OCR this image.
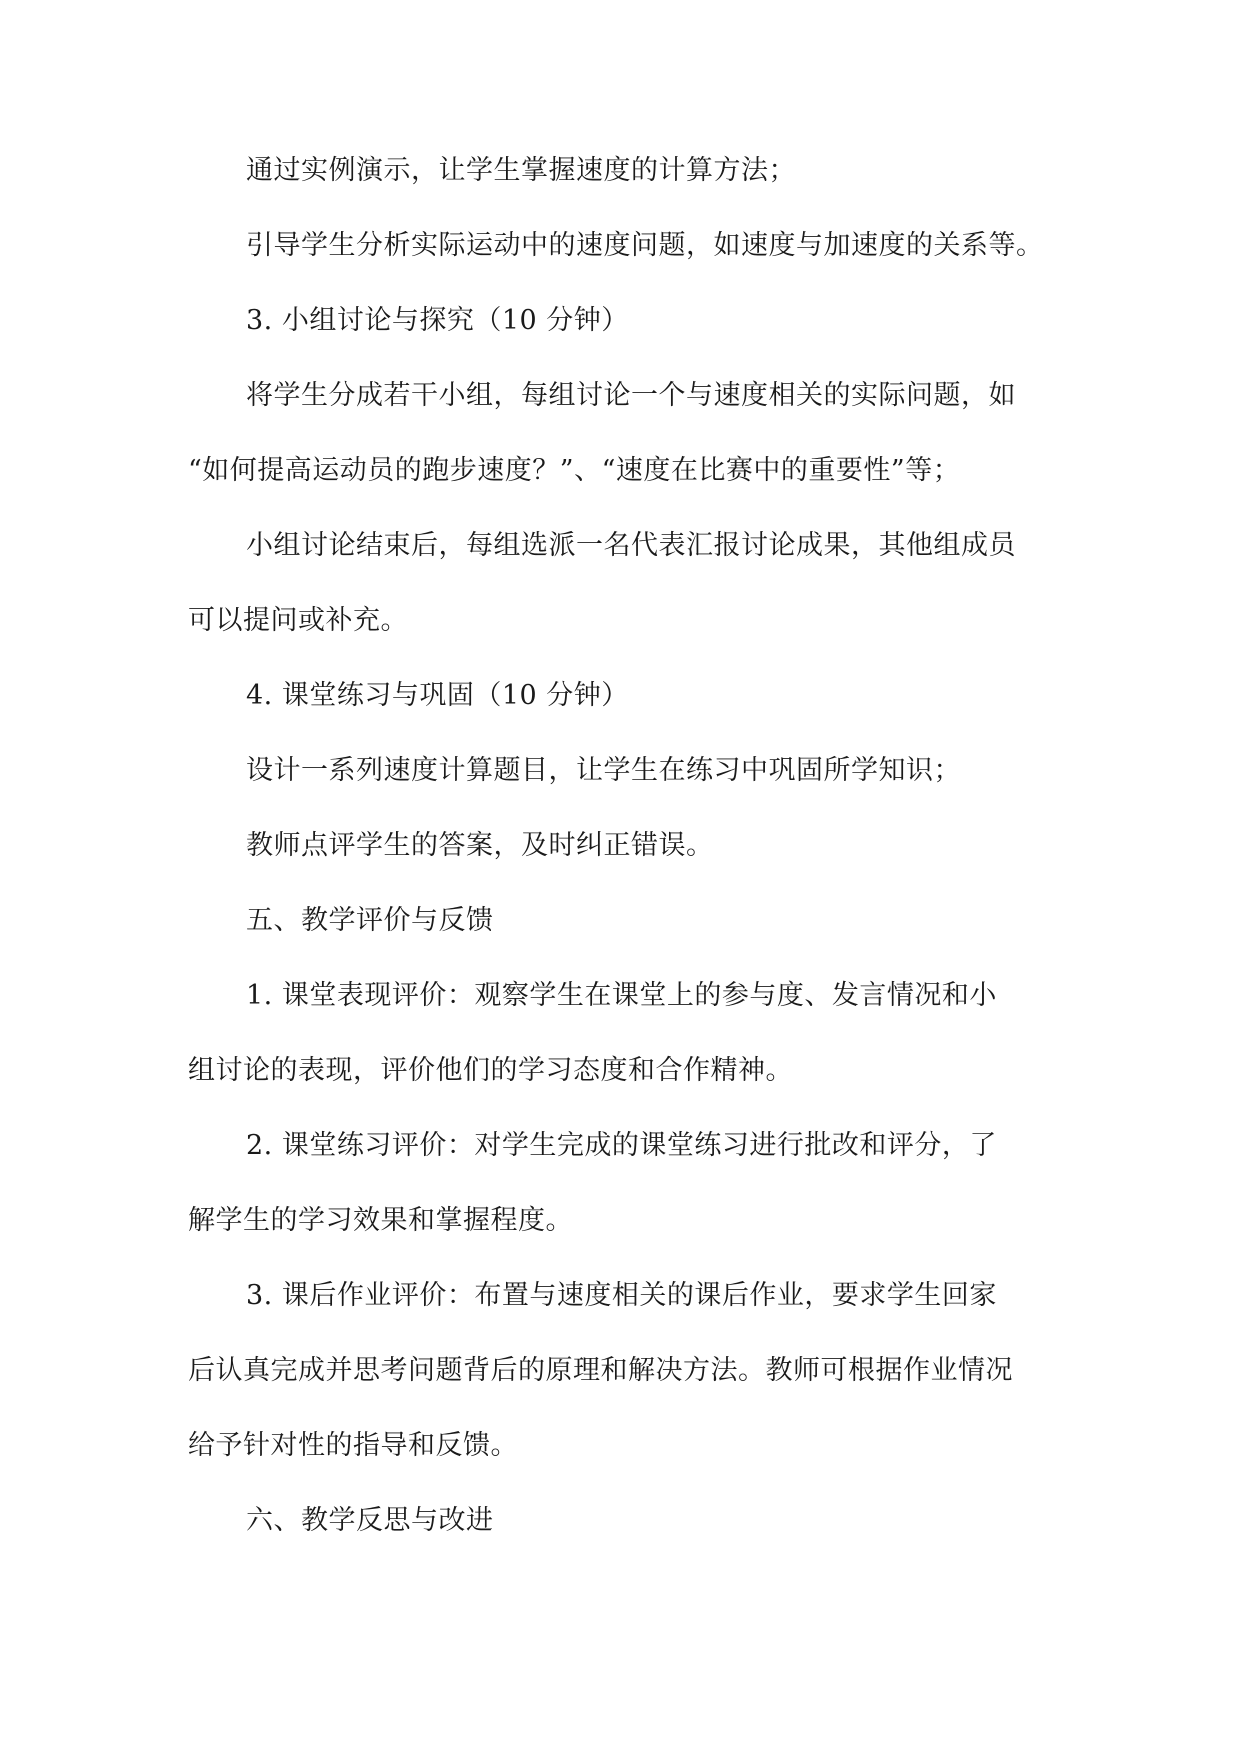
通过实例演示，让学生掌握速度的计算方法；
引导学生分析实际运动中的速度问题，如速度与加速度的关系等。
3. 小组讨论与探究（10 分钟）
将学生分成若干小组，每组讨论一个与速度相关的实际问题，如
“如何提高运动员的跑步速度？”、“速度在比赛中的重要性”等；
小组讨论结束后，每组选派一名代表汇报讨论成果，其他组成员
可以提问或补充。
4. 课堂练习与巩固（10 分钟）
设计一系列速度计算题目，让学生在练习中巩固所学知识；
教师点评学生的答案，及时纠正错误。
五、教学评价与反馈
1. 课堂表现评价：观察学生在课堂上的参与度、发言情况和小
组讨论的表现，评价他们的学习态度和合作精神。
2. 课堂练习评价：对学生完成的课堂练习进行批改和评分，了
解学生的学习效果和掌握程度。
3. 课后作业评价：布置与速度相关的课后作业，要求学生回家
后认真完成并思考问题背后的原理和解决方法。教师可根据作业情况
给予针对性的指导和反馈。
六、教学反思与改进
